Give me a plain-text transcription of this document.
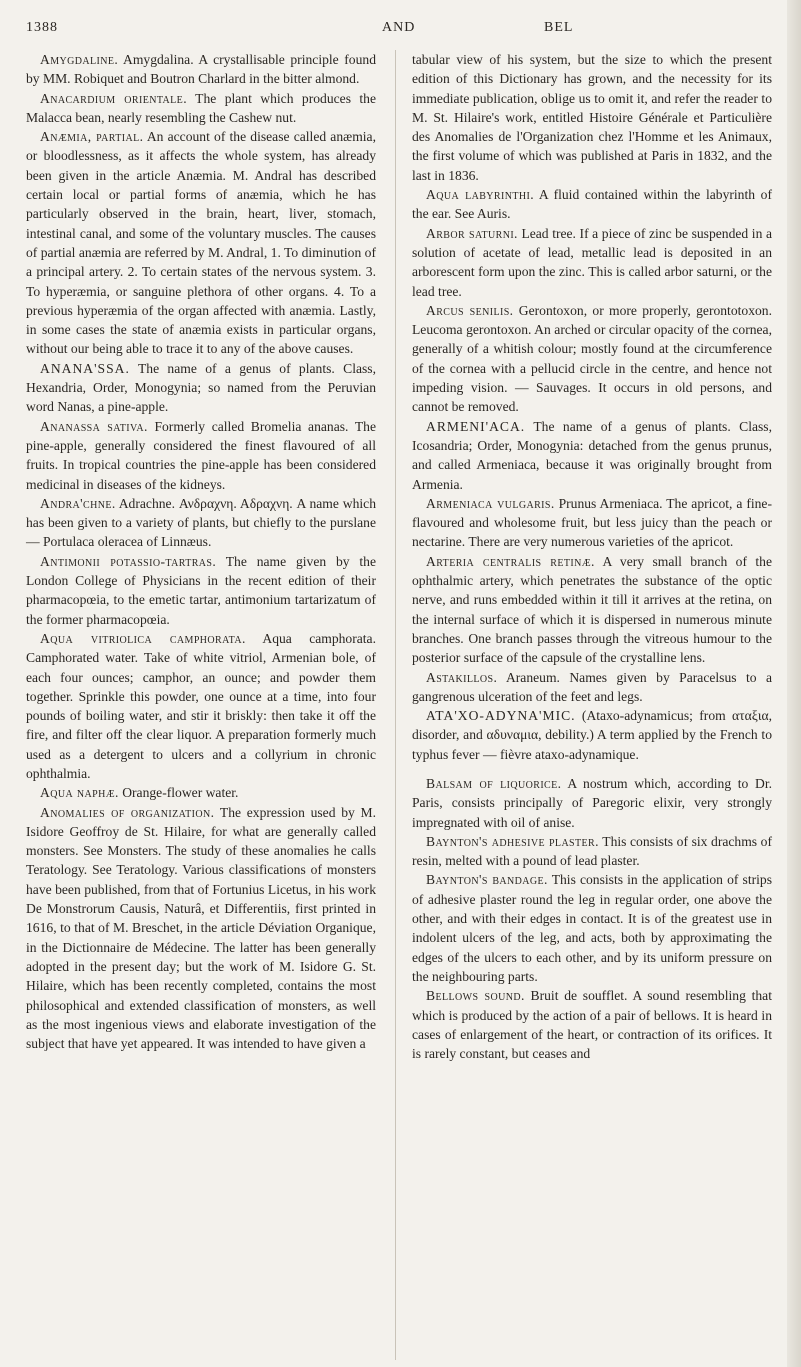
1388	AND	BEL

Amygdaline. Amygdalina. A crystallisable principle found by MM. Robiquet and Boutron Charlard in the bitter almond.

Anacardium orientale. The plant which produces the Malacca bean, nearly resembling the Cashew nut.

Anæmia, partial. An account of the disease called anæmia, or bloodlessness, as it affects the whole system, has already been given in the article Anæmia. M. Andral has described certain local or partial forms of anæmia, which he has particularly observed in the brain, heart, liver, stomach, intestinal canal, and some of the voluntary muscles. The causes of partial anæmia are referred by M. Andral, 1. To diminution of a principal artery. 2. To certain states of the nervous system. 3. To hyperæmia, or sanguine plethora of other organs. 4. To a previous hyperæmia of the organ affected with anæmia. Lastly, in some cases the state of anæmia exists in particular organs, without our being able to trace it to any of the above causes.

ANANA'SSA. The name of a genus of plants. Class, Hexandria, Order, Monogynia; so named from the Peruvian word Nanas, a pine-apple.

Ananassa sativa. Formerly called Bromelia ananas. The pine-apple, generally considered the finest flavoured of all fruits. In tropical countries the pine-apple has been considered medicinal in diseases of the kidneys.

Andra'chne. Adrachne. Ανδραχνη. Αδραχνη. A name which has been given to a variety of plants, but chiefly to the purslane — Portulaca oleracea of Linnæus.

Antimonii potassio-tartras. The name given by the London College of Physicians in the recent edition of their pharmacopœia, to the emetic tartar, antimonium tartarizatum of the former pharmacopœia.

Aqua vitriolica camphorata. Aqua camphorata. Camphorated water. Take of white vitriol, Armenian bole, of each four ounces; camphor, an ounce; and powder them together. Sprinkle this powder, one ounce at a time, into four pounds of boiling water, and stir it briskly: then take it off the fire, and filter off the clear liquor. A preparation formerly much used as a detergent to ulcers and a collyrium in chronic ophthalmia.

Aqua naphæ. Orange-flower water.

Anomalies of organization. The expression used by M. Isidore Geoffroy de St. Hilaire, for what are generally called monsters. See Monsters. The study of these anomalies he calls Teratology. See Teratology. Various classifications of monsters have been published, from that of Fortunius Licetus, in his work De Monstrorum Causis, Naturâ, et Differentiis, first printed in 1616, to that of M. Breschet, in the article Déviation Organique, in the Dictionnaire de Médecine. The latter has been generally adopted in the present day; but the work of M. Isidore G. St. Hilaire, which has been recently completed, contains the most philosophical and extended classification of monsters, as well as the most ingenious views and elaborate investigation of the subject that have yet appeared. It was intended to have given a

tabular view of his system, but the size to which the present edition of this Dictionary has grown, and the necessity for its immediate publication, oblige us to omit it, and refer the reader to M. St. Hilaire's work, entitled Histoire Générale et Particulière des Anomalies de l'Organization chez l'Homme et les Animaux, the first volume of which was published at Paris in 1832, and the last in 1836.

Aqua labyrinthi. A fluid contained within the labyrinth of the ear. See Auris.

Arbor saturni. Lead tree. If a piece of zinc be suspended in a solution of acetate of lead, metallic lead is deposited in an arborescent form upon the zinc. This is called arbor saturni, or the lead tree.

Arcus senilis. Gerontoxon, or more properly, gerontotoxon. Leucoma gerontoxon. An arched or circular opacity of the cornea, generally of a whitish colour; mostly found at the circumference of the cornea with a pellucid circle in the centre, and hence not impeding vision. — Sauvages. It occurs in old persons, and cannot be removed.

ARMENI'ACA. The name of a genus of plants. Class, Icosandria; Order, Monogynia: detached from the genus prunus, and called Armeniaca, because it was originally brought from Armenia.

Armeniaca vulgaris. Prunus Armeniaca. The apricot, a fine-flavoured and wholesome fruit, but less juicy than the peach or nectarine. There are very numerous varieties of the apricot.

Arteria centralis retinæ. A very small branch of the ophthalmic artery, which penetrates the substance of the optic nerve, and runs embedded within it till it arrives at the retina, on the internal surface of which it is dispersed in numerous minute branches. One branch passes through the vitreous humour to the posterior surface of the capsule of the crystalline lens.

Astakillos. Araneum. Names given by Paracelsus to a gangrenous ulceration of the feet and legs.

ATA'XO-ADYNA'MIC. (Ataxo-adynamicus; from αταξια, disorder, and αδυναμια, debility.) A term applied by the French to typhus fever — fièvre ataxo-adynamique.

Balsam of liquorice. A nostrum which, according to Dr. Paris, consists principally of Paregoric elixir, very strongly impregnated with oil of anise.

Baynton's adhesive plaster. This consists of six drachms of resin, melted with a pound of lead plaster.

Baynton's bandage. This consists in the application of strips of adhesive plaster round the leg in regular order, one above the other, and with their edges in contact. It is of the greatest use in indolent ulcers of the leg, and acts, both by approximating the edges of the ulcers to each other, and by its uniform pressure on the neighbouring parts.

Bellows sound. Bruit de soufflet. A sound resembling that which is produced by the action of a pair of bellows. It is heard in cases of enlargement of the heart, or contraction of its orifices. It is rarely constant, but ceases and
